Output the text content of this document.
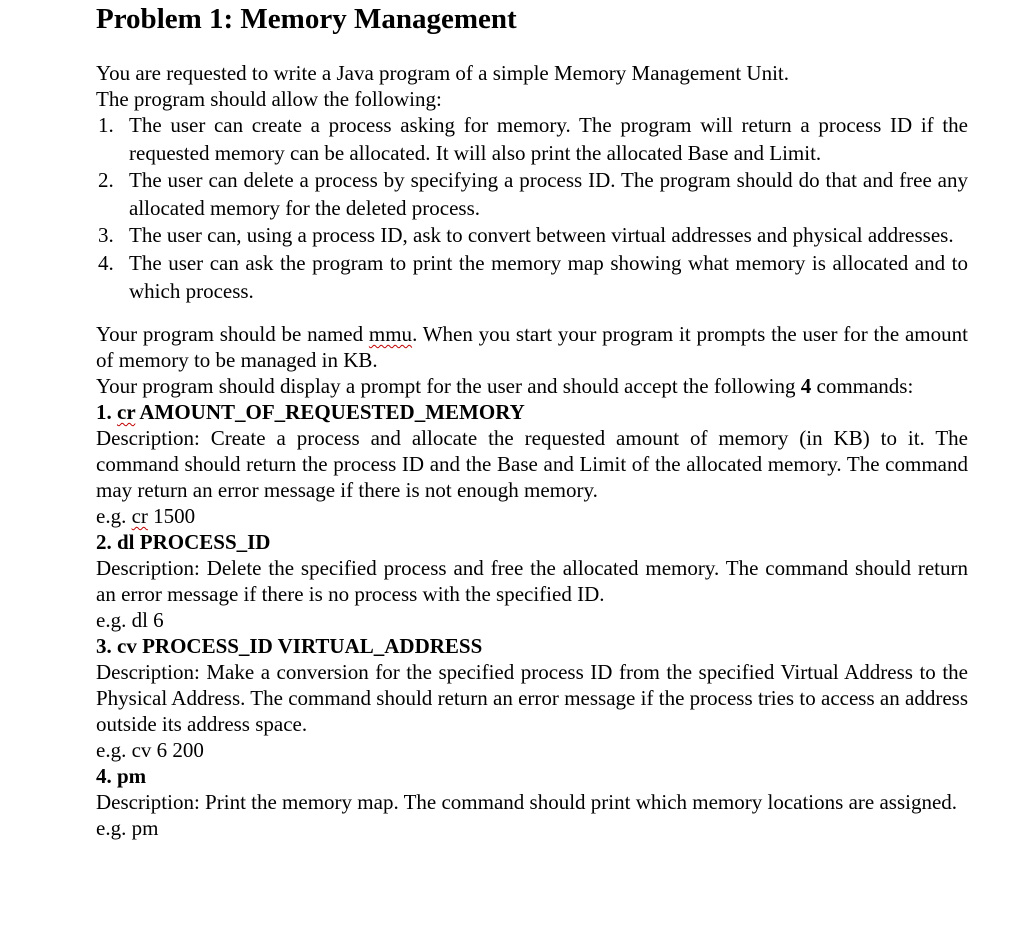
Problem 1: Memory Management

You are requested to write a Java program of a simple Memory Management Unit.

The program should allow the following:

1. The user can create a process asking for memory. The program will return a process ID if the requested memory can be allocated. It will also print the allocated Base and Limit.
2. The user can delete a process by specifying a process ID. The program should do that and free any allocated memory for the deleted process.
3. The user can, using a process ID, ask to convert between virtual addresses and physical addresses.
4. The user can ask the program to print the memory map showing what memory is allocated and to which process.

Your program should be named mmu. When you start your program it prompts the user for the amount of memory to be managed in KB.

Your program should display a prompt for the user and should accept the following 4 commands:

1. cr AMOUNT_OF_REQUESTED_MEMORY

Description: Create a process and allocate the requested amount of memory (in KB) to it. The command should return the process ID and the Base and Limit of the allocated memory. The command may return an error message if there is not enough memory.

e.g. cr 1500

2. dl PROCESS_ID

Description: Delete the specified process and free the allocated memory. The command should return an error message if there is no process with the specified ID.

e.g. dl 6

3. cv PROCESS_ID VIRTUAL_ADDRESS

Description: Make a conversion for the specified process ID from the specified Virtual Address to the Physical Address. The command should return an error message if the process tries to access an address outside its address space.

e.g. cv 6 200

4. pm

Description: Print the memory map. The command should print which memory locations are assigned.

e.g. pm
